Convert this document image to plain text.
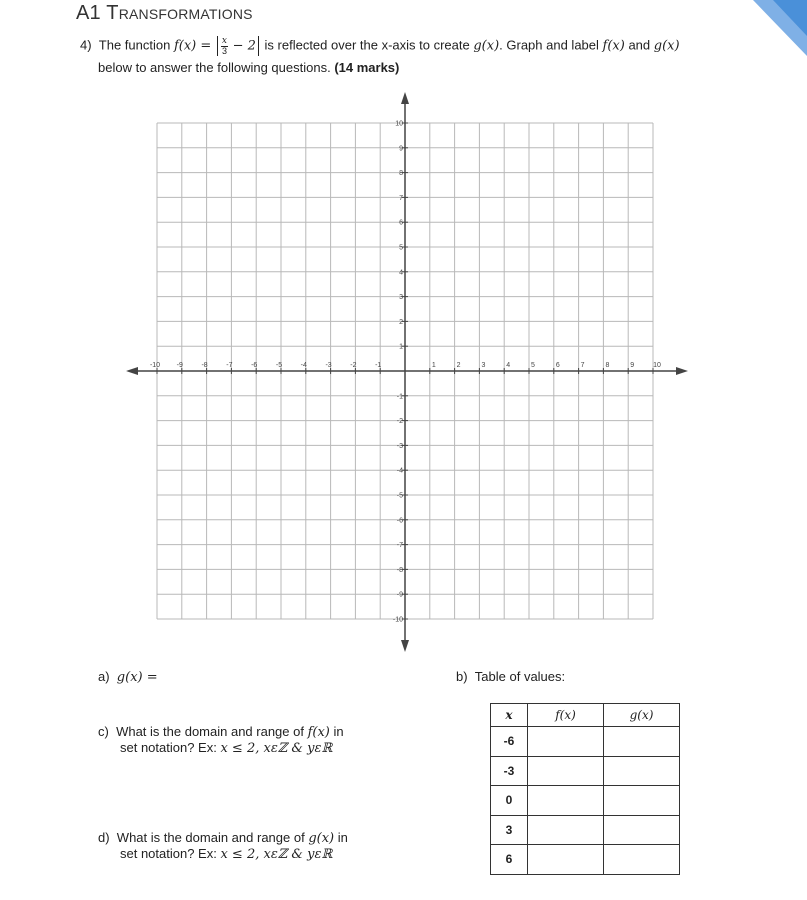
A1 Transformations
4) The function $f(x) = \frac{x}{3} - 2$ is reflected over the x-axis to create g(x). Graph and label f(x) and g(x)
below to answer the following questions. (14 marks)
-10 -9	-8	-7	-6	-5	-4	-3	-2	-1	1	2	3	4	5	6	7	8	9	10
10
9
8
7
6
5
4
3
2
1
-1
-2
-3
-4
-5
-6
-7
-8
-9
-10
a) g(x) =	b) Table of values:
c) What is the domain and range of f(x) in
set notation? Ex: x ≤ 2, xεℤ & yεℝ
d) What is the domain and range of g(x) in
set notation? Ex: x ≤ 2, xεℤ & yεℝ
x	f(x)	g(x)
-6		
-3		
0		
3		
6		
